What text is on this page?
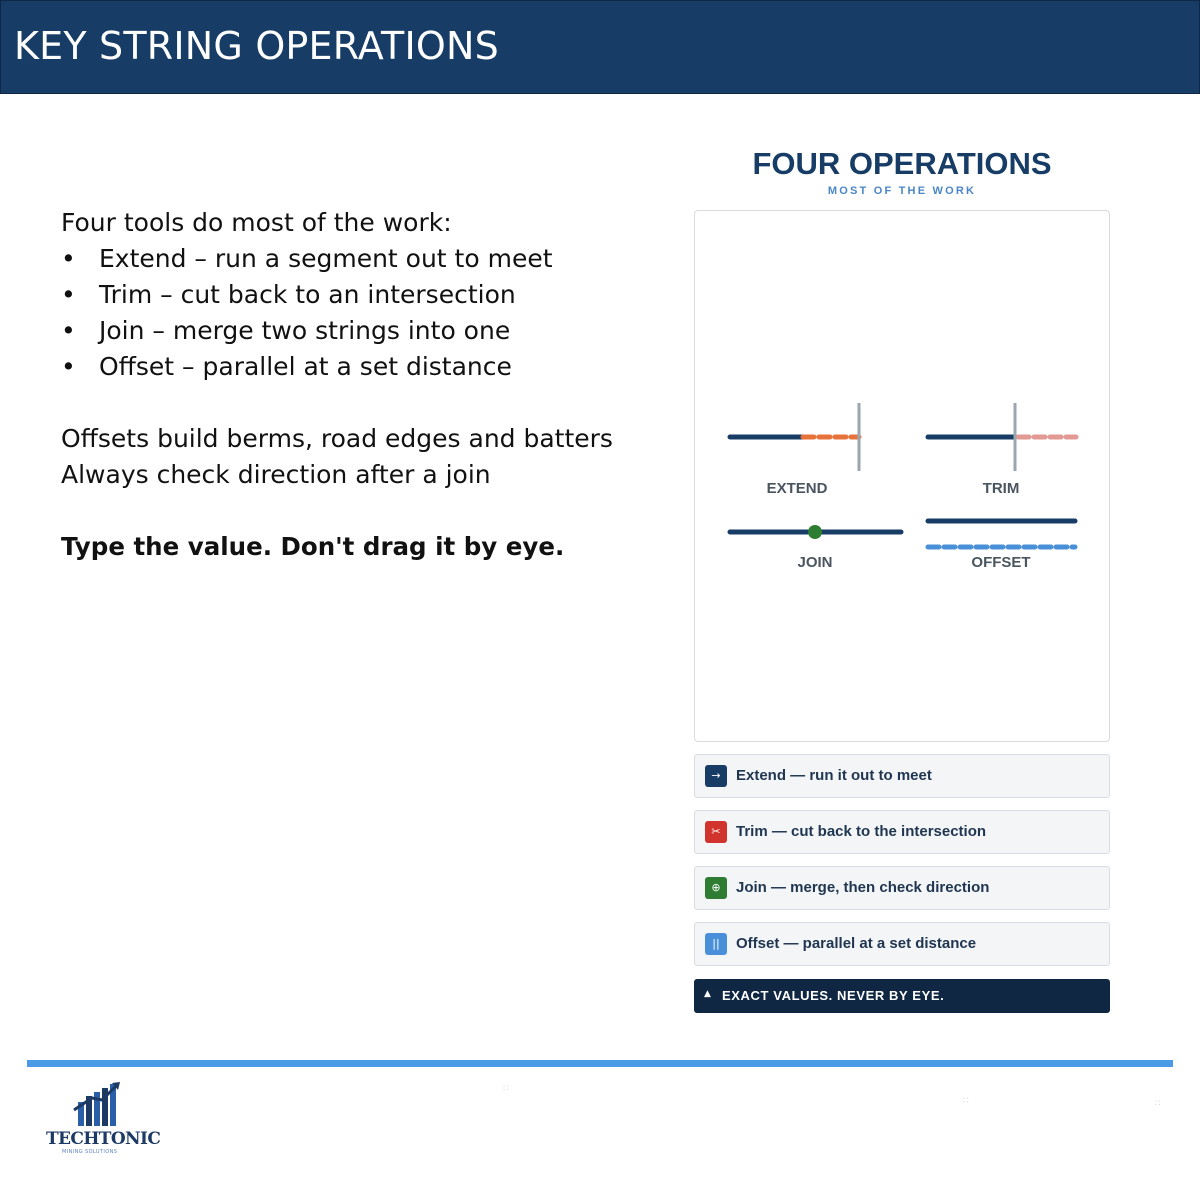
KEY STRING OPERATIONS
Four tools do most of the work:
• Extend – run a segment out to meet
• Trim – cut back to an intersection
• Join – merge two strings into one
• Offset – parallel at a set distance
Offsets build berms, road edges and batters
Always check direction after a join
Type the value. Don't drag it by eye.
FOUR OPERATIONS
MOST OF THE WORK
EXTEND	TRIM
JOIN	OFFSET
→	Extend — run it out to meet
✂	Trim — cut back to the intersection
⊕	Join — merge, then check direction
||	Offset — parallel at a set distance
▲ EXACT VALUES. NEVER BY EYE.
TECHTONIC
MINING SOLUTIONS
∷
∷	∷
